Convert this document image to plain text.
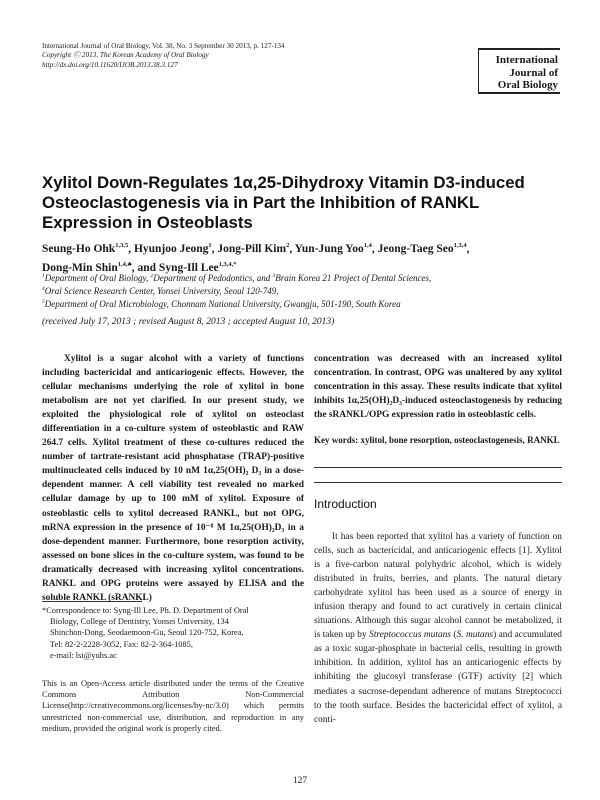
International Journal of Oral Biology, Vol. 38, No. 3 September 30 2013, p. 127-134
Copyright Ⓒ 2013, The Korean Academy of Oral Biology
http://dx.doi.org/10.11620/IJOB.2013.38.3.127	International
Journal of
Oral Biology
Xylitol Down-Regulates 1α,25-Dihydroxy Vitamin D3-induced Osteoclastogenesis via in Part the Inhibition of RANKL Expression in Osteoblasts
Seung-Ho Ohk$^{1,3,5}$, Hyunjoo Jeong$^1$, Jong-Pill Kim$^2$, Yun-Jung Yoo$^{1,4}$, Jeong-Taeg Seo$^{1,3,4}$,
Dong-Min Shin$^{1,4,♣}$, and Syng-Ill Lee$^{1,3,4,*}$
$^1$Department of Oral Biology, $^2$Department of Pedodontics, and $^3$Brain Korea 21 Project of Dental Sciences,
$^4$Oral Science Research Center, Yonsei University, Seoul 120-749,
$^5$Department of Oral Microbiology, Chonnam National University, Gwangju, 501-190, South Korea
(received July 17, 2013 ; revised August 8, 2013 ; accepted August 10, 2013)
Xylitol is a sugar alcohol with a variety of functions including bactericidal and anticariogenic effects. However, the cellular mechanisms underlying the role of xylitol in bone metabolism are not yet clarified. In our present study, we exploited the physiological role of xylitol on osteoclast differentiation in a co-culture system of osteoblastic and RAW 264.7 cells. Xylitol treatment of these co-cultures reduced the number of tartrate-resistant acid phosphatase (TRAP)-positive multinucleated cells induced by 10 nM 1α,25(OH)₂ D₃ in a dose-dependent manner. A cell viability test revealed no marked cellular damage by up to 100 mM of xylitol. Exposure of osteoblastic cells to xylitol decreased RANKL, but not OPG, mRNA expression in the presence of 10⁻⁸ M 1α,25(OH)₂D₃ in a dose-dependent manner. Furthermore, bone resorption activity, assessed on bone slices in the co-culture system, was found to be dramatically decreased with increasing xylitol concentrations. RANKL and OPG proteins were assayed by ELISA and the soluble RANKL (sRANKL)
concentration was decreased with an increased xylitol concentration. In contrast, OPG was unaltered by any xylitol concentration in this assay. These results indicate that xylitol inhibits 1α,25(OH)₂D₃-induced osteoclastogenesis by reducing the sRANKL/OPG expression ratio in osteoblastic cells.
Key words: xylitol, bone resorption, osteoclastogenesis, RANKL
Introduction
It has been reported that xylitol has a variety of function on cells, such as bactericidal, and anticariogenic effects [1]. Xylitol is a five-carbon natural polyhydric alcohol, which is widely distributed in fruits, berries, and plants. The natural dietary carbohydrate xylitol has been used as a source of energy in infusion therapy and found to act curatively in certain clinical situations. Although this sugar alcohol cannot be metabolized, it is taken up by Streptococcus mutans (S. mutans) and accumulated as a toxic sugar-phosphate in bacterial cells, resulting in growth inhibition. In addition, xylitol has an anticariogenic effects by inhibiting the glucosyl transferase (GTF) activity [2] which mediates a sucrose-dependant adherence of mutans Streptococci to the tooth surface. Besides the bactericidal effect of xylitol, a conti-
*Correspondence to: Syng-Ill Lee, Ph. D. Department of Oral
Biology, College of Dentistry, Yonsei University, 134
Shinchon-Dong, Seodaemoon-Gu, Seoul 120-752, Korea,
Tel: 82-2-2228-3052, Fax: 82-2-364-1085,
e-mail: lsi@yuhs.ac
This is an Open-Access article distributed under the terms of the Creative Commons Attribution Non-Commercial License(http://creativecommons.org/licenses/by-nc/3.0) which permits unrestricted non-commercial use, distribution, and reproduction in any medium, provided the original work is properly cited.
127
